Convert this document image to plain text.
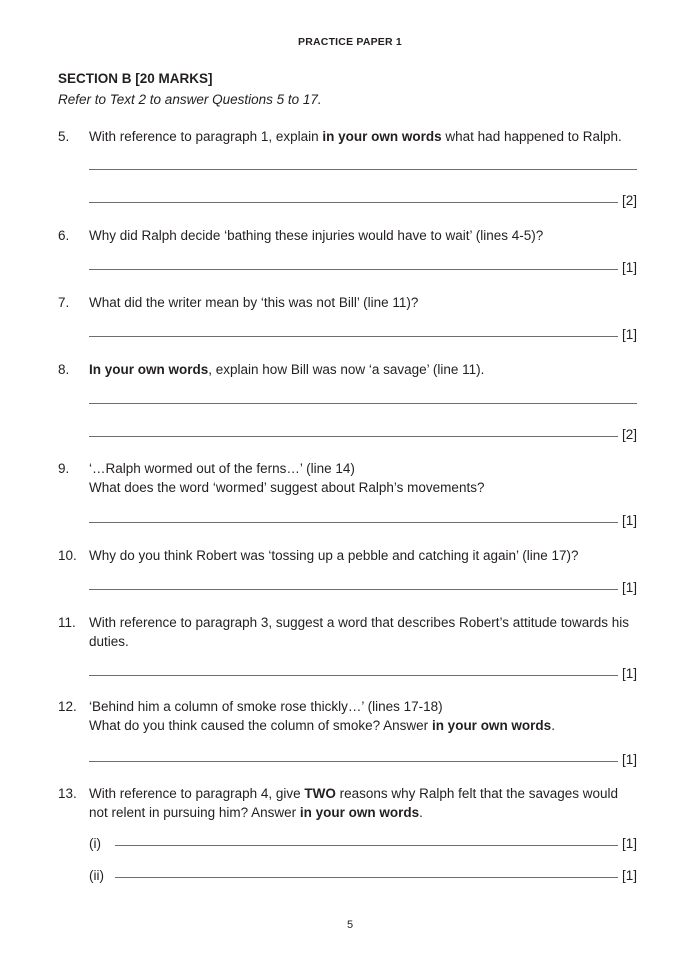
PRACTICE PAPER 1
SECTION B [20 MARKS]
Refer to Text 2 to answer Questions 5 to 17.
5. With reference to paragraph 1, explain in your own words what had happened to Ralph.
[2]
6. Why did Ralph decide ‘bathing these injuries would have to wait’ (lines 4-5)?
[1]
7. What did the writer mean by ‘this was not Bill’ (line 11)?
[1]
8. In your own words, explain how Bill was now ‘a savage’ (line 11).
[2]
9. ‘…Ralph wormed out of the ferns…’ (line 14)
What does the word ‘wormed’ suggest about Ralph’s movements?
[1]
10. Why do you think Robert was ‘tossing up a pebble and catching it again’ (line 17)?
[1]
11. With reference to paragraph 3, suggest a word that describes Robert’s attitude towards his
duties.
[1]
12. ‘Behind him a column of smoke rose thickly…’ (lines 17-18)
What do you think caused the column of smoke? Answer in your own words.
[1]
13. With reference to paragraph 4, give TWO reasons why Ralph felt that the savages would
not relent in pursuing him? Answer in your own words.
(i)	[1]
(ii)	[1]
5
